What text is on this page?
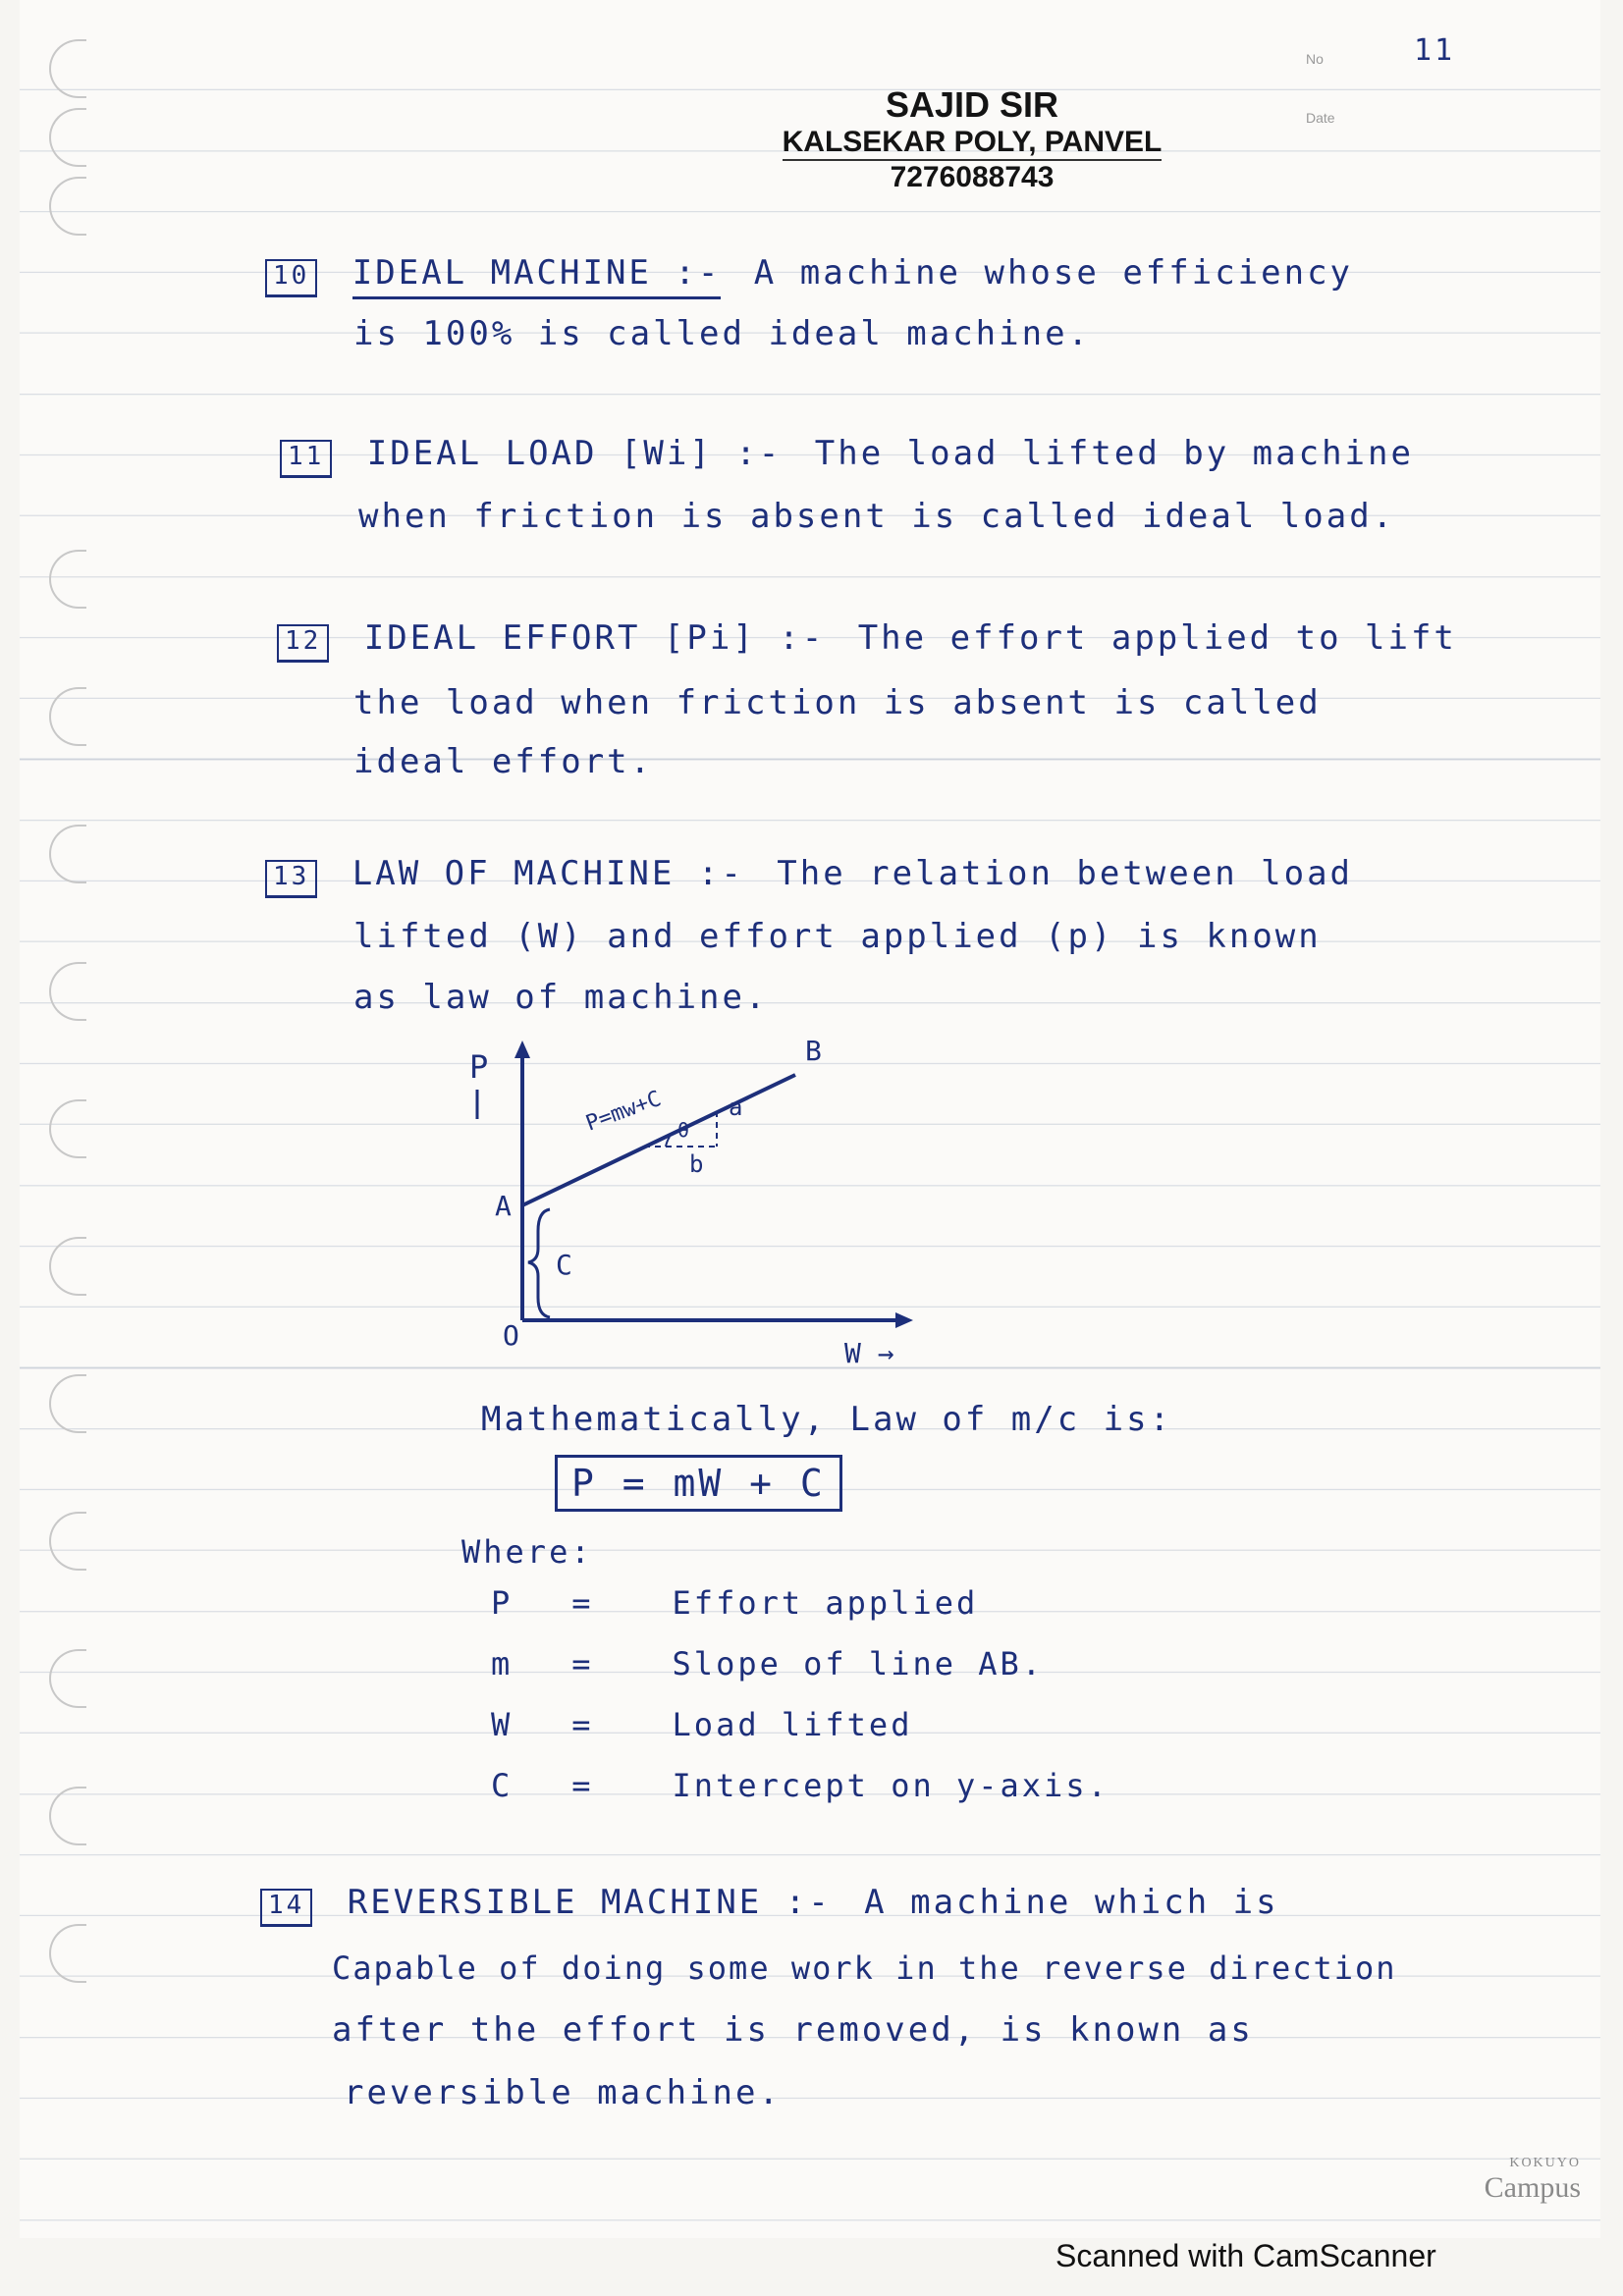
SAJID SIR
KALSEKAR POLY, PANVEL
7276088743
No
Date
11
10 IDEAL MACHINE :- A machine whose efficiency
is 100% is called ideal machine.
11 IDEAL LOAD [Wi] :- The load lifted by machine
when friction is absent is called ideal load.
12 IDEAL EFFORT [Pi] :- The effort applied to lift
the load when friction is absent is called
ideal effort.
13 LAW OF MACHINE :- The relation between load
lifted (W) and effort applied (p) is known
as law of machine.
P	B
P=mw+C	a
b
θ
A
C
O
W →
Mathematically, Law of m/c is:
P = mW + C
Where:
P =	Effort applied
m =	Slope of line AB.
W =	Load lifted
C =	Intercept on y-axis.
14 REVERSIBLE MACHINE :- A machine which is
Capable of doing some work in the reverse direction
after the effort is removed, is known as
reversible machine.
KOKUYO
Campus
Scanned with CamScanner
